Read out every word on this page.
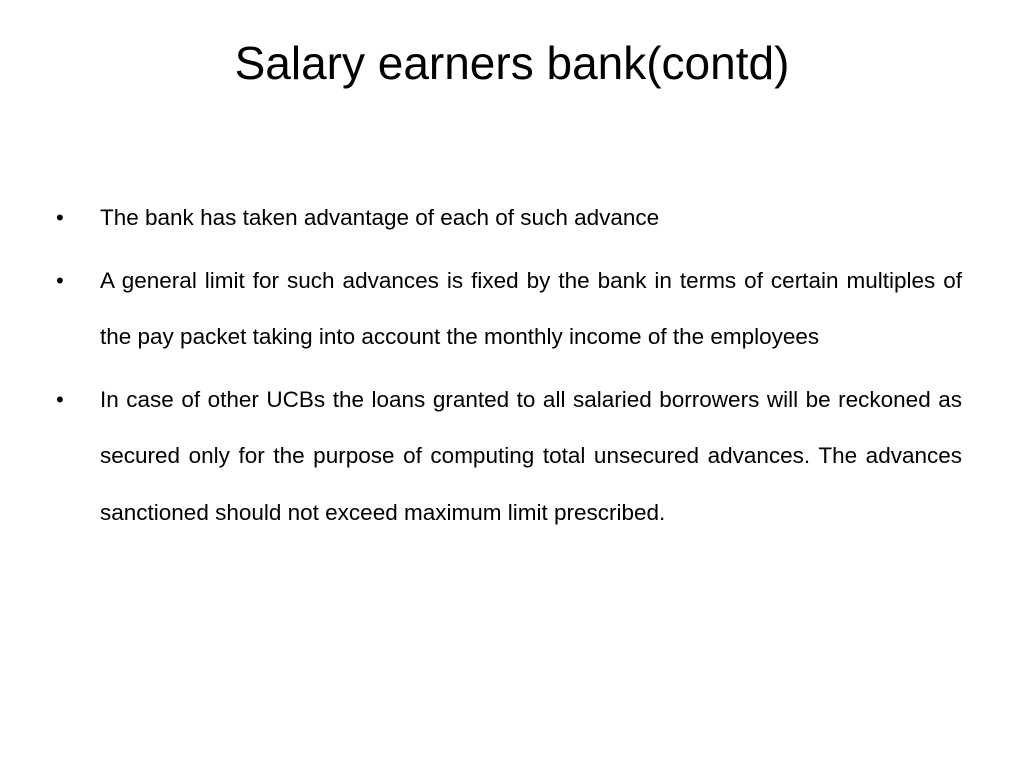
Salary earners bank(contd)
•	The bank has taken advantage of each of such advance
•	A general limit for such advances is fixed by the bank in terms of certain multiples of the pay packet taking into account the monthly income of the employees
•	In case of other UCBs the loans granted to all salaried borrowers will be reckoned as secured only for the purpose of computing total unsecured advances. The advances sanctioned should not exceed maximum limit prescribed.
